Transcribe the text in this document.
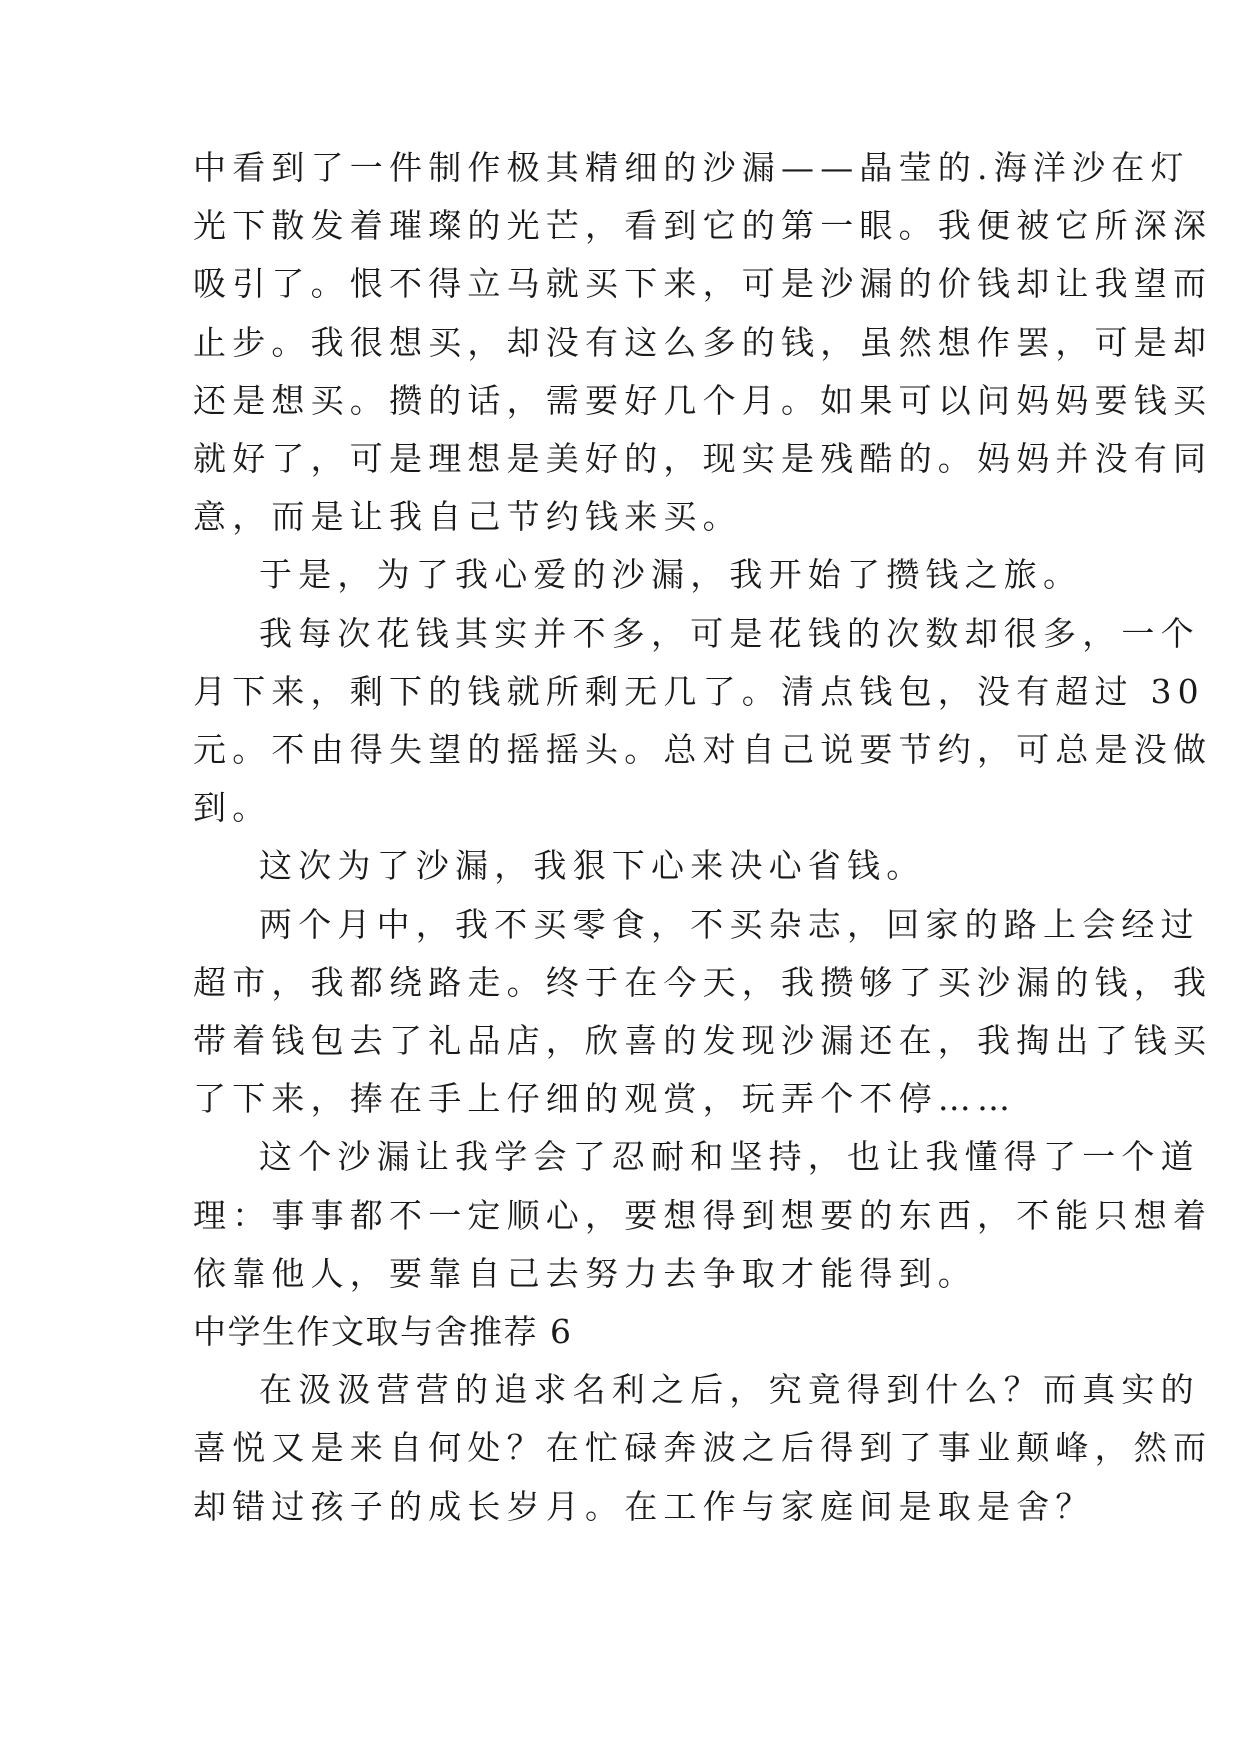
中看到了一件制作极其精细的沙漏——晶莹的.海洋沙在灯
光下散发着璀璨的光芒，看到它的第一眼。我便被它所深深
吸引了。恨不得立马就买下来，可是沙漏的价钱却让我望而
止步。我很想买，却没有这么多的钱，虽然想作罢，可是却
还是想买。攒的话，需要好几个月。如果可以问妈妈要钱买
就好了，可是理想是美好的，现实是残酷的。妈妈并没有同
意，而是让我自己节约钱来买。
于是，为了我心爱的沙漏，我开始了攒钱之旅。
我每次花钱其实并不多，可是花钱的次数却很多，一个
月下来，剩下的钱就所剩无几了。清点钱包，没有超过 30
元。不由得失望的摇摇头。总对自己说要节约，可总是没做
到。
这次为了沙漏，我狠下心来决心省钱。
两个月中，我不买零食，不买杂志，回家的路上会经过
超市，我都绕路走。终于在今天，我攒够了买沙漏的钱，我
带着钱包去了礼品店，欣喜的发现沙漏还在，我掏出了钱买
了下来，捧在手上仔细的观赏，玩弄个不停……
这个沙漏让我学会了忍耐和坚持，也让我懂得了一个道
理：事事都不一定顺心，要想得到想要的东西，不能只想着
依靠他人，要靠自己去努力去争取才能得到。
中学生作文取与舍推荐 6
在汲汲营营的追求名利之后，究竟得到什么？而真实的
喜悦又是来自何处？在忙碌奔波之后得到了事业颠峰，然而
却错过孩子的成长岁月。在工作与家庭间是取是舍？
